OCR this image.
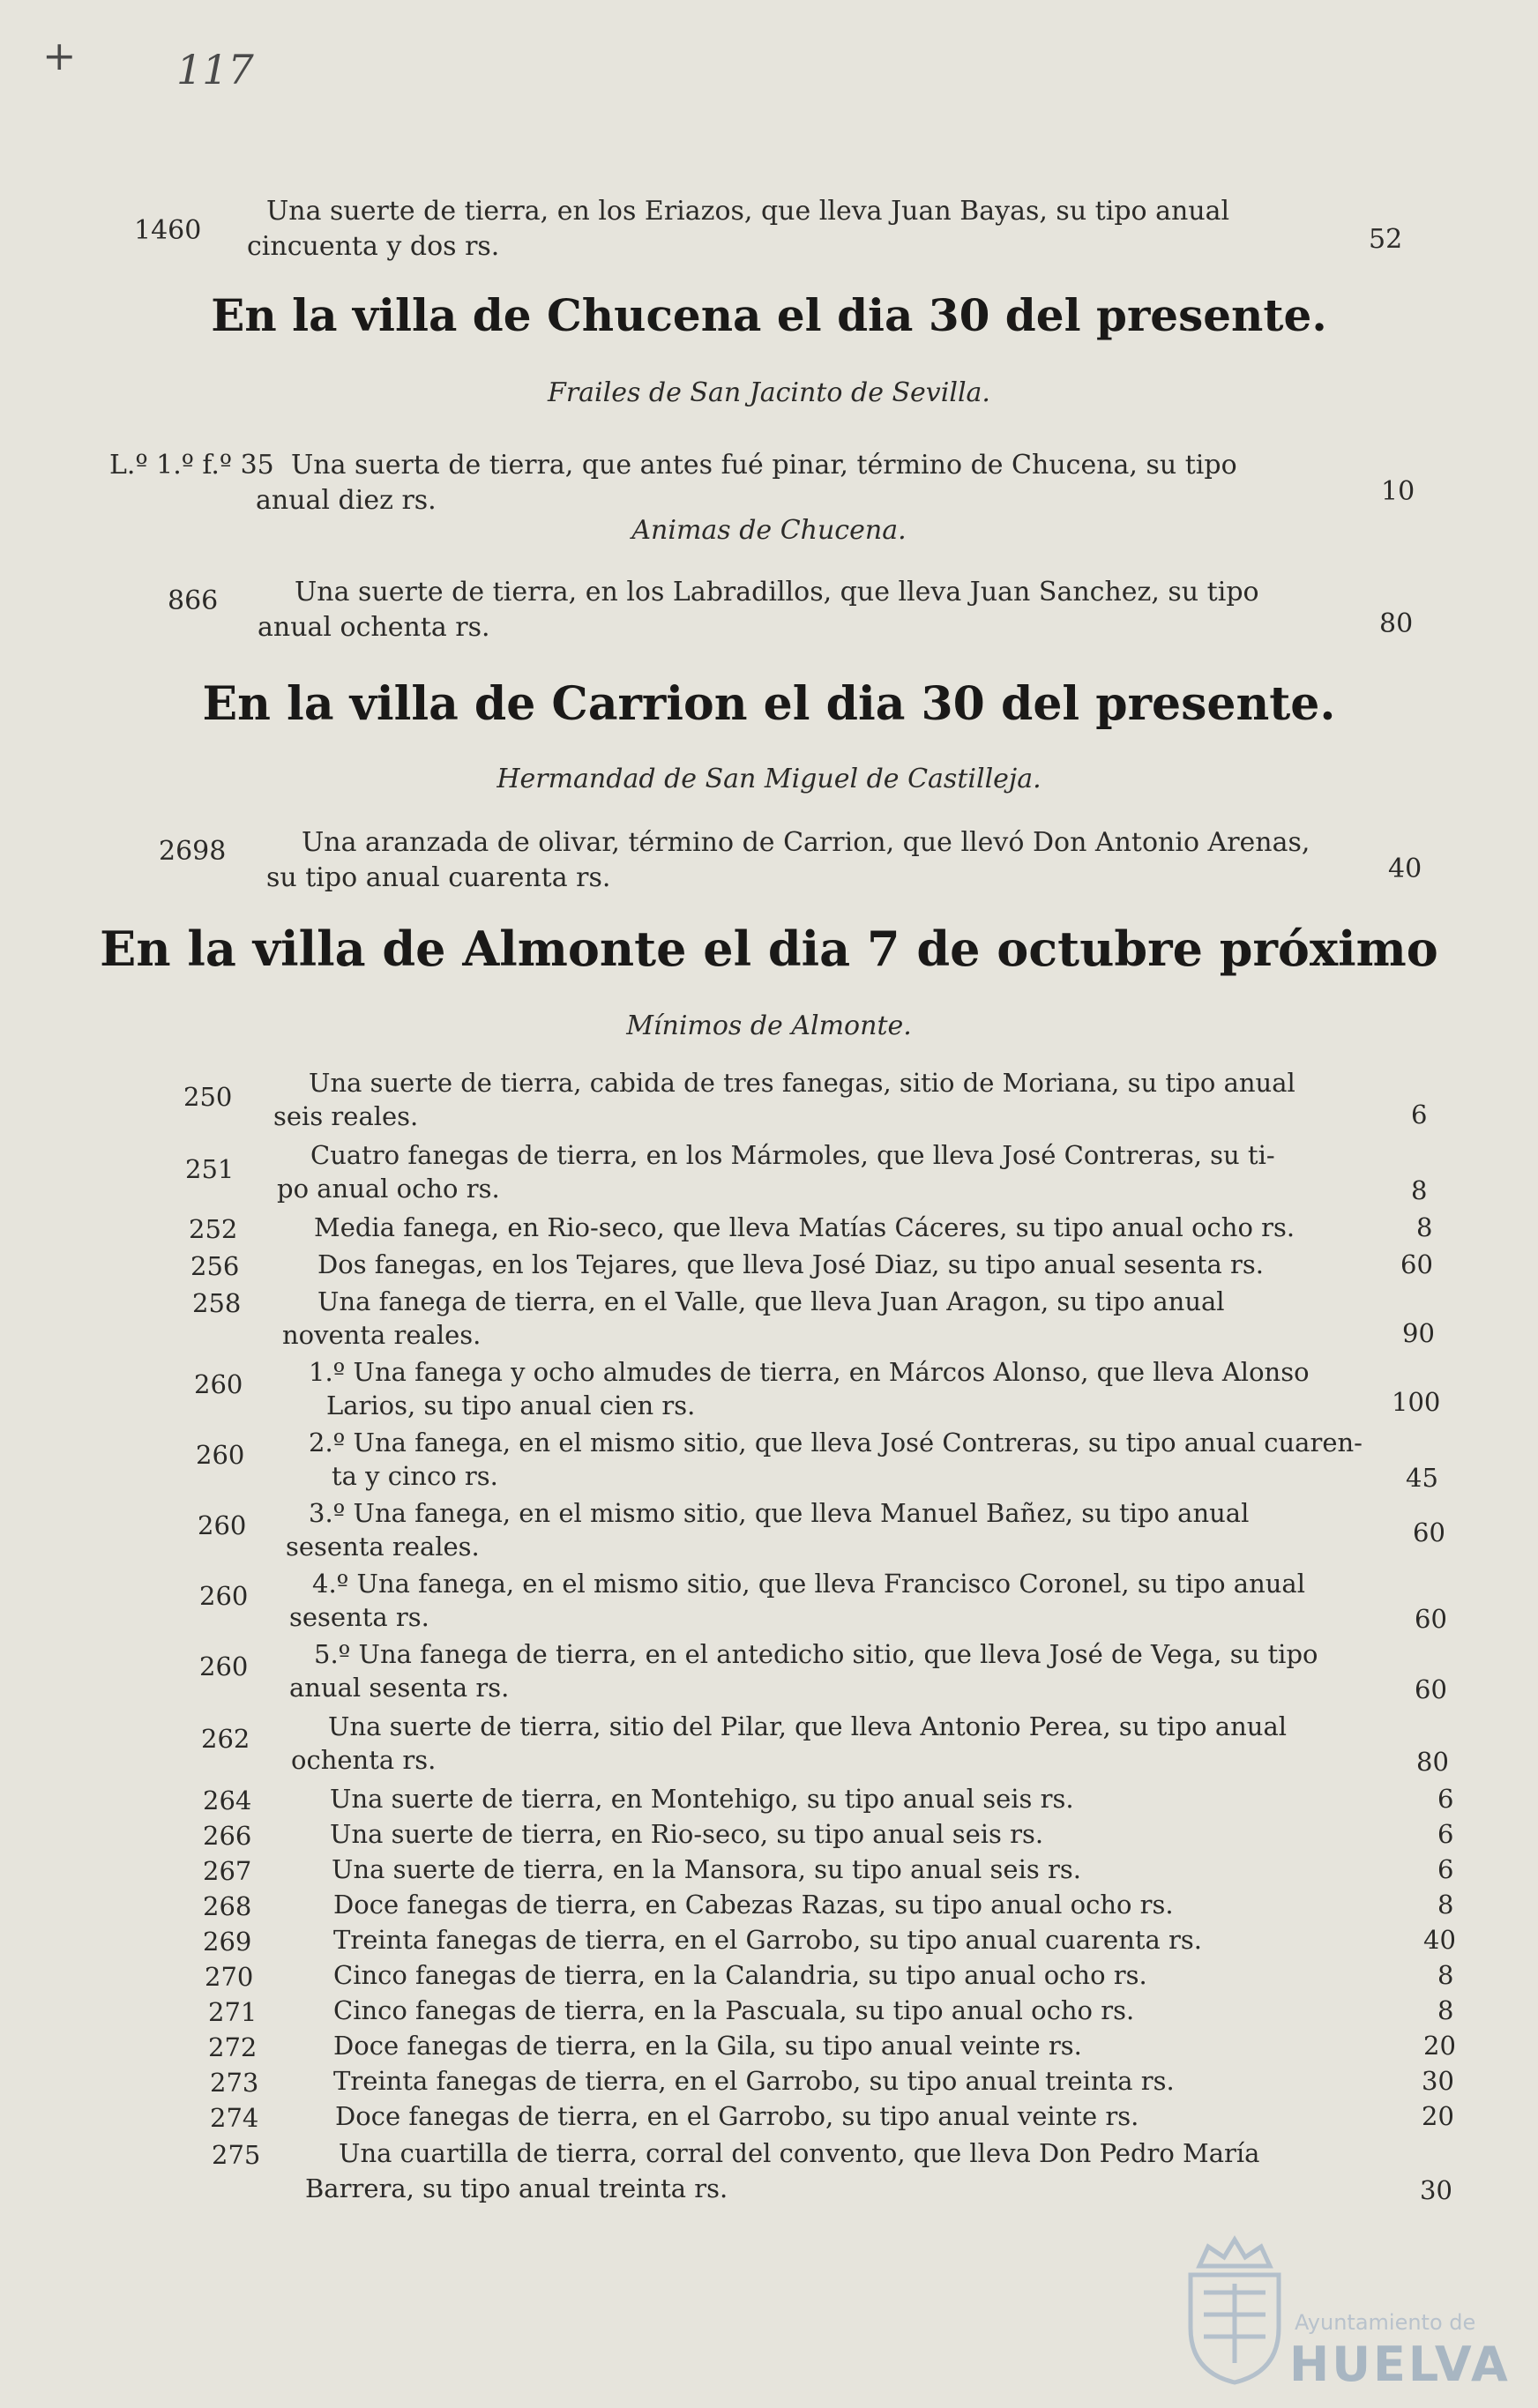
+ 117
1460
Una suerte de tierra, en los Eriazos, que lleva Juan Bayas, su tipo anual
cincuenta y dos rs.	52
En la villa de Chucena el dia 30 del presente.
Frailes de San Jacinto de Sevilla.
L.º 1.º f.º 35 Una suerta de tierra, que antes fué pinar, término de Chucena, su tipo
anual diez rs.	10
Animas de Chucena.
866	Una suerte de tierra, en los Labradillos, que lleva Juan Sanchez, su tipo
anual ochenta rs.	80
En la villa de Carrion el dia 30 del presente.
Hermandad de San Miguel de Castilleja.
2698	Una aranzada de olivar, término de Carrion, que llevó Don Antonio Arenas,
su tipo anual cuarenta rs.	40
En la villa de Almonte el dia 7 de octubre próximo
Mínimos de Almonte.
250	Una suerte de tierra, cabida de tres fanegas, sitio de Moriana, su tipo anual
seis reales.	6
251	Cuatro fanegas de tierra, en los Mármoles, que lleva José Contreras, su ti-
po anual ocho rs.	8
252	Media fanega, en Rio-seco, que lleva Matías Cáceres, su tipo anual ocho rs.	8
256	Dos fanegas, en los Tejares, que lleva José Diaz, su tipo anual sesenta rs.	60
258	Una fanega de tierra, en el Valle, que lleva Juan Aragon, su tipo anual
noventa reales.	90
260	1.º Una fanega y ocho almudes de tierra, en Márcos Alonso, que lleva Alonso
Larios, su tipo anual cien rs.	100
260	2.º Una fanega, en el mismo sitio, que lleva José Contreras, su tipo anual cuaren-
ta y cinco rs.	45
260 3.º Una fanega, en el mismo sitio, que lleva Manuel Bañez, su tipo anual
sesenta reales.	60
260	4.º Una fanega, en el mismo sitio, que lleva Francisco Coronel, su tipo anual
sesenta rs.	60
260	5.º Una fanega de tierra, en el antedicho sitio, que lleva José de Vega, su tipo
anual sesenta rs.	60
262	Una suerte de tierra, sitio del Pilar, que lleva Antonio Perea, su tipo anual
ochenta rs.	80
264	Una suerte de tierra, en Montehigo, su tipo anual seis rs.	6
266	Una suerte de tierra, en Rio-seco, su tipo anual seis rs.	6
267	Una suerte de tierra, en la Mansora, su tipo anual seis rs.	6
268	Doce fanegas de tierra, en Cabezas Razas, su tipo anual ocho rs.	8
269	Treinta fanegas de tierra, en el Garrobo, su tipo anual cuarenta rs.	40
270	Cinco fanegas de tierra, en la Calandria, su tipo anual ocho rs.	8
271	Cinco fanegas de tierra, en la Pascuala, su tipo anual ocho rs.	8
272	Doce fanegas de tierra, en la Gila, su tipo anual veinte rs.	20
273	Treinta fanegas de tierra, en el Garrobo, su tipo anual treinta rs.	30
274	Doce fanegas de tierra, en el Garrobo, su tipo anual veinte rs.	20
275	Una cuartilla de tierra, corral del convento, que lleva Don Pedro María
Barrera, su tipo anual treinta rs.	30
Ayuntamiento de
HUELVA
